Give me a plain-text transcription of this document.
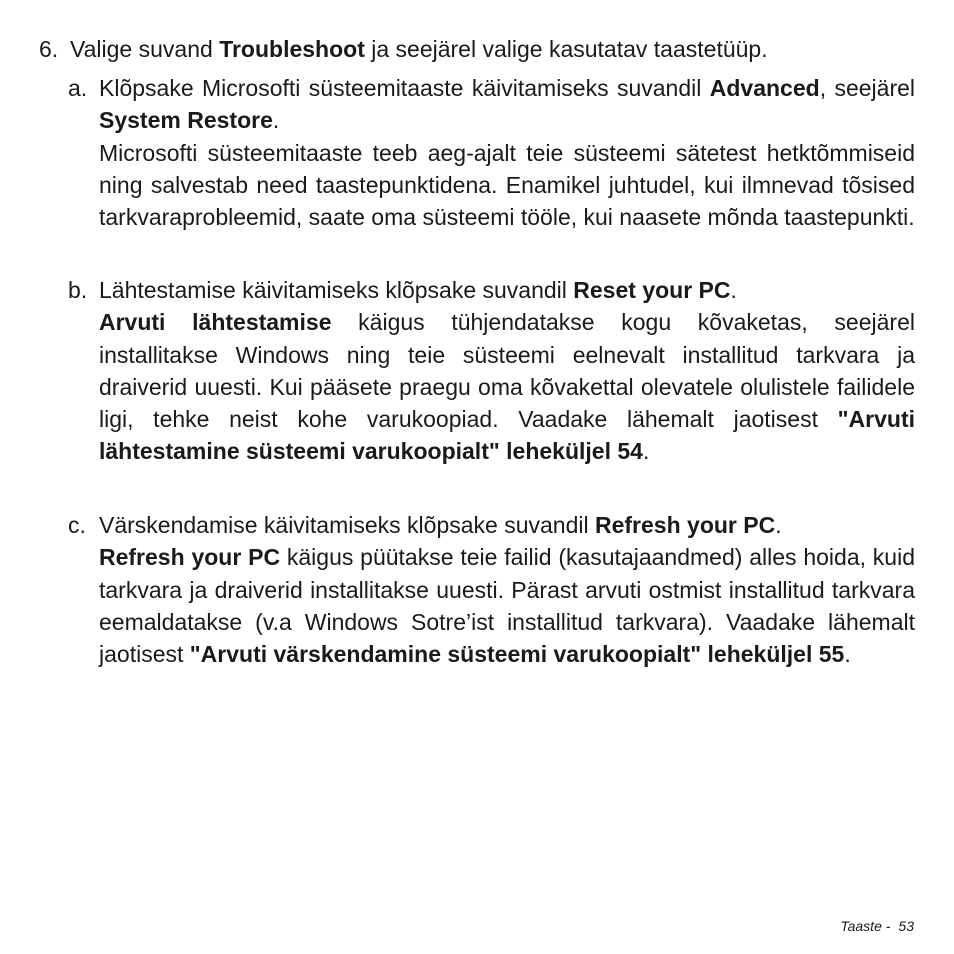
6. Valige suvand Troubleshoot ja seejärel valige kasutatav taastetüüp.
a. Klõpsake Microsofti süsteemitaaste käivitamiseks suvandil Advanced, seejärel System Restore.

Microsofti süsteemitaaste teeb aeg-ajalt teie süsteemi sätetest hetktõmmiseid ning salvestab need taastepunktidena. Enamikel juhtudel, kui ilmnevad tõsised tarkvaraprobleemid, saate oma süsteemi tööle, kui naasete mõnda taastepunkti.

b. Lähtestamise käivitamiseks klõpsake suvandil Reset your PC.

Arvuti lähtestamise käigus tühjendatakse kogu kõvaketas, seejärel installitakse Windows ning teie süsteemi eelnevalt installitud tarkvara ja draiverid uuesti. Kui pääsete praegu oma kõvakettal olevatele olulistele failidele ligi, tehke neist kohe varukoopiad. Vaadake lähemalt jaotisest "Arvuti lähtestamine süsteemi varukoopialt" leheküljel 54.

c. Värskendamise käivitamiseks klõpsake suvandil Refresh your PC.

Refresh your PC käigus püütakse teie failid (kasutajaandmed) alles hoida, kuid tarkvara ja draiverid installitakse uuesti. Pärast arvuti ostmist installitud tarkvara eemaldatakse (v.a Windows Sotre’ist installitud tarkvara). Vaadake lähemalt jaotisest "Arvuti värskendamine süsteemi varukoopialt" leheküljel 55.

Taaste - 53
